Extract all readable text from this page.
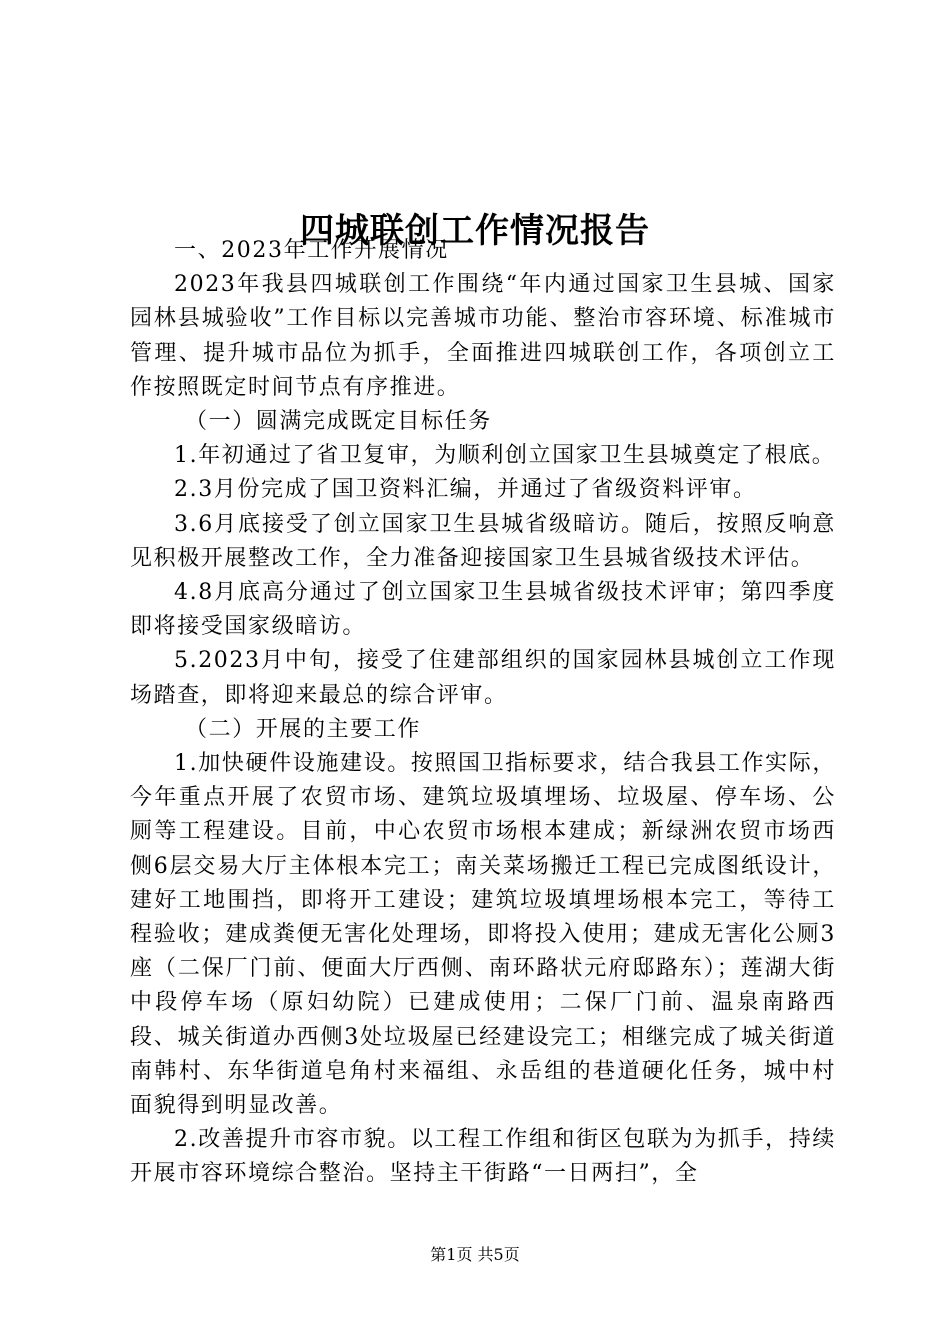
四城联创工作情况报告

一、2023年工作开展情况

2023年我县四城联创工作围绕“年内通过国家卫生县城、国家园林县城验收”工作目标以完善城市功能、整治市容环境、标准城市管理、提升城市品位为抓手，全面推进四城联创工作，各项创立工作按照既定时间节点有序推进。

（一）圆满完成既定目标任务

1.年初通过了省卫复审，为顺利创立国家卫生县城奠定了根底。

2.3月份完成了国卫资料汇编，并通过了省级资料评审。

3.6月底接受了创立国家卫生县城省级暗访。随后，按照反响意见积极开展整改工作，全力准备迎接国家卫生县城省级技术评估。

4.8月底高分通过了创立国家卫生县城省级技术评审；第四季度即将接受国家级暗访。

5.2023月中旬，接受了住建部组织的国家园林县城创立工作现场踏查，即将迎来最总的综合评审。

（二）开展的主要工作

1.加快硬件设施建设。按照国卫指标要求，结合我县工作实际，今年重点开展了农贸市场、建筑垃圾填埋场、垃圾屋、停车场、公厕等工程建设。目前，中心农贸市场根本建成；新绿洲农贸市场西侧6层交易大厅主体根本完工；南关菜场搬迁工程已完成图纸设计，建好工地围挡，即将开工建设；建筑垃圾填埋场根本完工，等待工程验收；建成粪便无害化处理场，即将投入使用；建成无害化公厕3座（二保厂门前、便面大厅西侧、南环路状元府邸路东）；莲湖大街中段停车场（原妇幼院）已建成使用；二保厂门前、温泉南路西段、城关街道办西侧3处垃圾屋已经建设完工；相继完成了城关街道南韩村、东华街道皂角村来福组、永岳组的巷道硬化任务，城中村面貌得到明显改善。

2.改善提升市容市貌。以工程工作组和街区包联为为抓手，持续开展市容环境综合整治。坚持主干街路“一日两扫”，全

第1页 共5页
